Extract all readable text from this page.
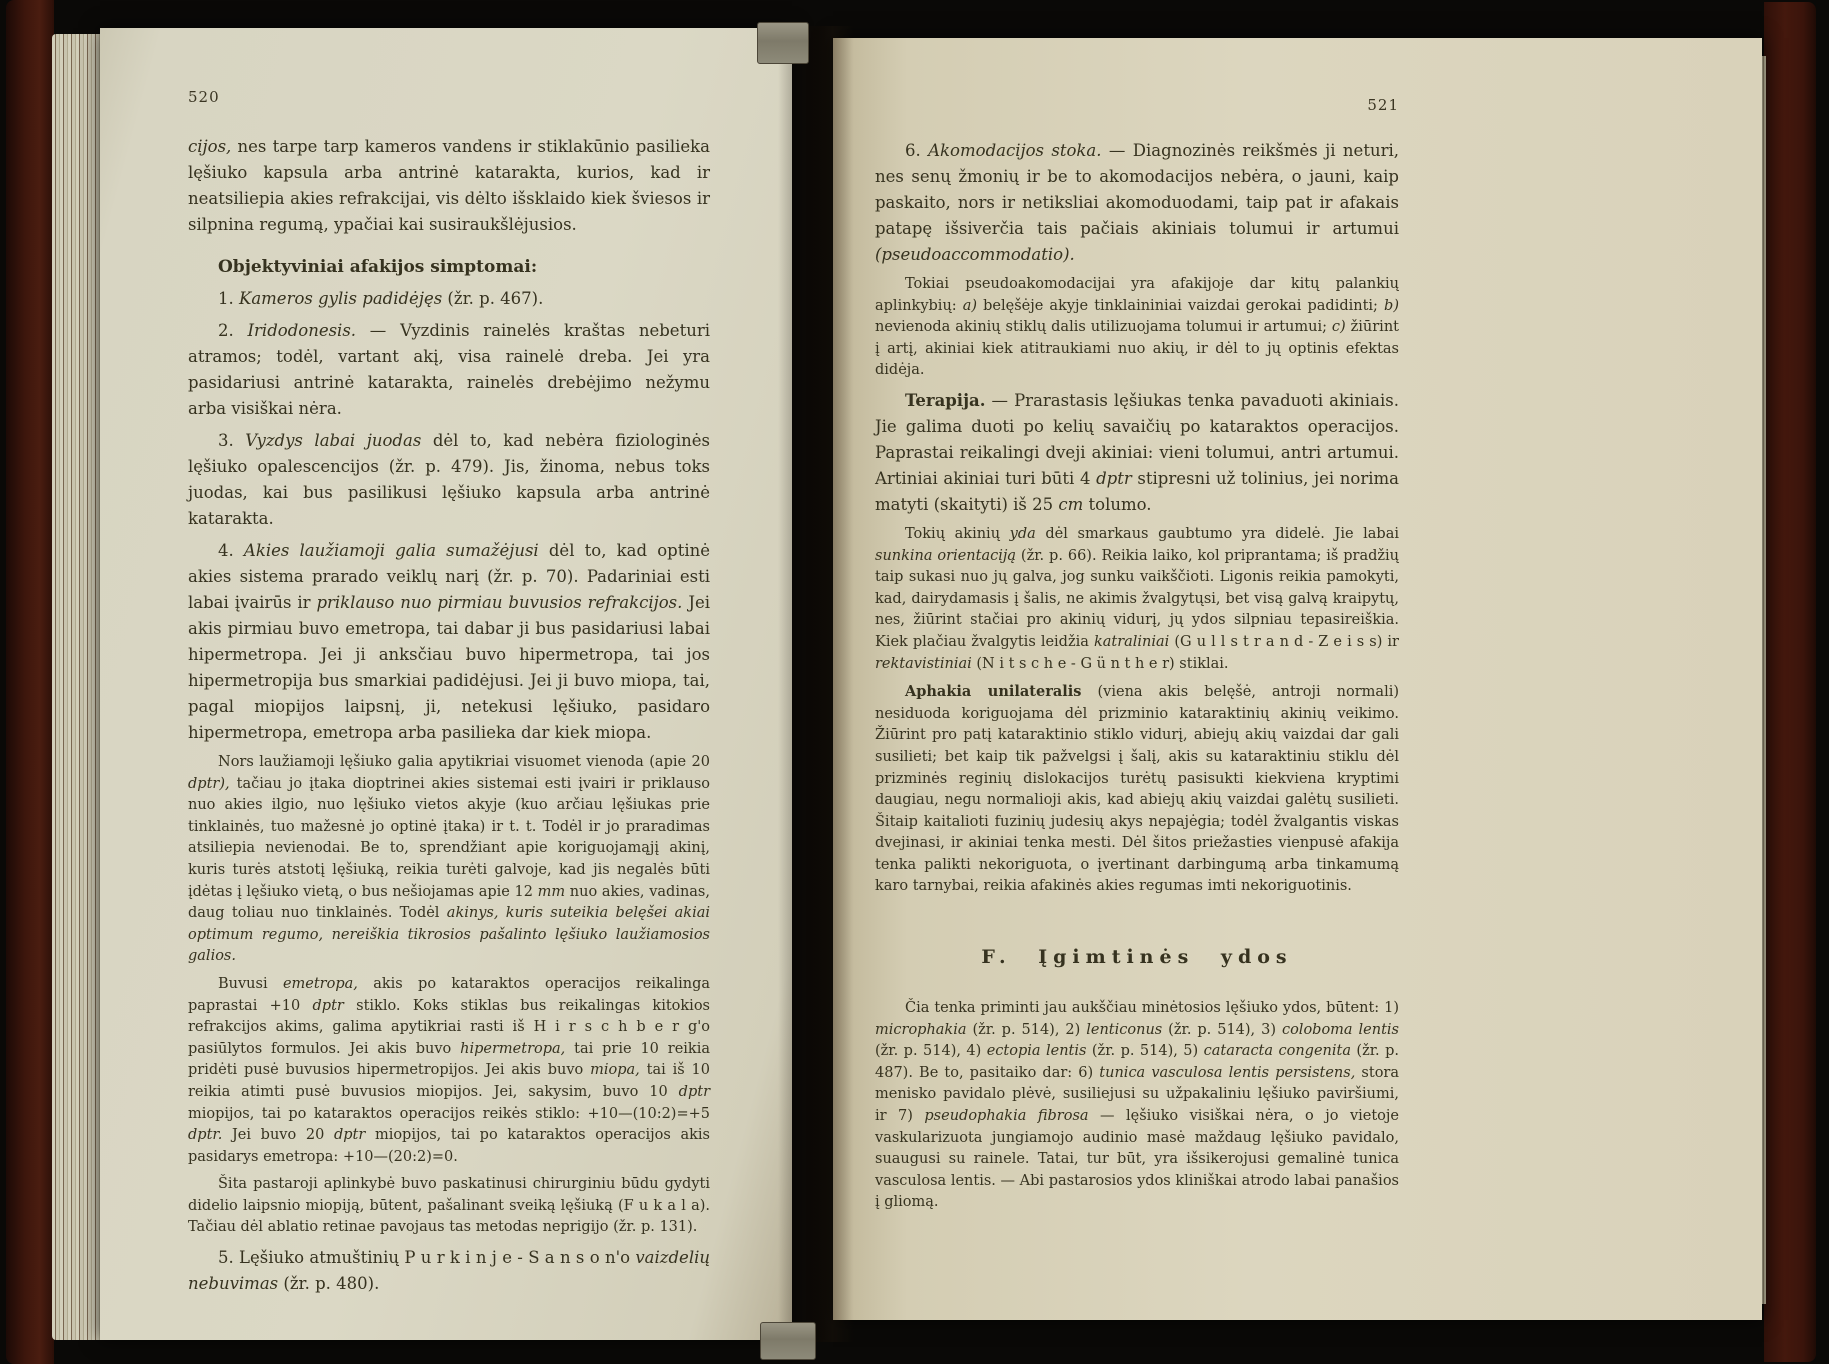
520

cijos, nes tarpe tarp kameros vandens ir stiklakūnio pasilieka lęšiuko kapsula arba antrinė katarakta, kurios, kad ir neatsiliepia akies refrakcijai, vis dėlto išsklaido kiek šviesos ir silpnina regumą, ypačiai kai susiraukšlėjusios.

Objektyviniai afakijos simptomai:

1. Kameros gylis padidėjęs (žr. p. 467).

2. Iridodonesis. — Vyzdinis rainelės kraštas nebeturi atramos; todėl, vartant akį, visa rainelė dreba. Jei yra pasidariusi antrinė katarakta, rainelės drebėjimo nežymu arba visiškai nėra.

3. Vyzdys labai juodas dėl to, kad nebėra fiziologinės lęšiuko opalescencijos (žr. p. 479). Jis, žinoma, nebus toks juodas, kai bus pasilikusi lęšiuko kapsula arba antrinė katarakta.

4. Akies laužiamoji galia sumažėjusi dėl to, kad optinė akies sistema prarado veiklų narį (žr. p. 70). Padariniai esti labai įvairūs ir priklauso nuo pirmiau buvusios refrakcijos. Jei akis pirmiau buvo emetropa, tai dabar ji bus pasidariusi labai hipermetropa. Jei ji anksčiau buvo hipermetropa, tai jos hipermetropija bus smarkiai padidėjusi. Jei ji buvo miopa, tai, pagal miopijos laipsnį, ji, netekusi lęšiuko, pasidaro hipermetropa, emetropa arba pasilieka dar kiek miopa.

Nors laužiamoji lęšiuko galia apytikriai visuomet vienoda (apie 20 dptr), tačiau jo įtaka dioptrinei akies sistemai esti įvairi ir priklauso nuo akies ilgio, nuo lęšiuko vietos akyje (kuo arčiau lęšiukas prie tinklainės, tuo mažesnė jo optinė įtaka) ir t. t. Todėl ir jo praradimas atsiliepia nevienodai. Be to, sprendžiant apie koriguojamąjį akinį, kuris turės atstotį lęšiuką, reikia turėti galvoje, kad jis negalės būti įdėtas į lęšiuko vietą, o bus nešiojamas apie 12 mm nuo akies, vadinas, daug toliau nuo tinklainės. Todėl akinys, kuris suteikia belęšei akiai optimum regumo, nereiškia tikrosios pašalinto lęšiuko laužiamosios galios.

Buvusi emetropa, akis po kataraktos operacijos reikalinga paprastai +10 dptr stiklo. Koks stiklas bus reikalingas kitokios refrakcijos akims, galima apytikriai rasti iš H i r s c h b e r g'o pasiūlytos formulos. Jei akis buvo hipermetropa, tai prie 10 reikia pridėti pusė buvusios hipermetropijos. Jei akis buvo miopa, tai iš 10 reikia atimti pusė buvusios miopijos. Jei, sakysim, buvo 10 dptr miopijos, tai po kataraktos operacijos reikės stiklo: +10—(10:2)=+5 dptr. Jei buvo 20 dptr miopijos, tai po kataraktos operacijos akis pasidarys emetropa: +10—(20:2)=0.

Šita pastaroji aplinkybė buvo paskatinusi chirurginiu būdu gydyti didelio laipsnio miopiją, būtent, pašalinant sveiką lęšiuką (F u k a l a). Tačiau dėl ablatio retinae pavojaus tas metodas neprigijo (žr. p. 131).

5. Lęšiuko atmuštinių P u r k i n j e - S a n s o n'o vaizdelių nebuvimas (žr. p. 480).

521

6. Akomodacijos stoka. — Diagnozinės reikšmės ji neturi, nes senų žmonių ir be to akomodacijos nebėra, o jauni, kaip paskaito, nors ir netiksliai akomoduodami, taip pat ir afakais patapę išsiverčia tais pačiais akiniais tolumui ir artumui (pseudoaccommodatio).

Tokiai pseudoakomodacijai yra afakijoje dar kitų palankių aplinkybių: a) belęšėje akyje tinklaininiai vaizdai gerokai padidinti; b) nevienoda akinių stiklų dalis utilizuojama tolumui ir artumui; c) žiūrint į artį, akiniai kiek atitraukiami nuo akių, ir dėl to jų optinis efektas didėja.

Terapija. — Prarastasis lęšiukas tenka pavaduoti akiniais. Jie galima duoti po kelių savaičių po kataraktos operacijos. Paprastai reikalingi dveji akiniai: vieni tolumui, antri artumui. Artiniai akiniai turi būti 4 dptr stipresni už tolinius, jei norima matyti (skaityti) iš 25 cm tolumo.

Tokių akinių yda dėl smarkaus gaubtumo yra didelė. Jie labai sunkina orientaciją (žr. p. 66). Reikia laiko, kol priprantama; iš pradžių taip sukasi nuo jų galva, jog sunku vaikščioti. Ligonis reikia pamokyti, kad, dairydamasis į šalis, ne akimis žvalgytųsi, bet visą galvą kraipytų, nes, žiūrint stačiai pro akinių vidurį, jų ydos silpniau tepasireiškia. Kiek plačiau žvalgytis leidžia katraliniai (G u l l s t r a n d - Z e i s s) ir rektavistiniai (N i t s c h e - G ü n t h e r) stiklai.

Aphakia unilateralis (viena akis belęšė, antroji normali) nesiduoda koriguojama dėl prizminio kataraktinių akinių veikimo. Žiūrint pro patį kataraktinio stiklo vidurį, abiejų akių vaizdai dar gali susilieti; bet kaip tik pažvelgsi į šalį, akis su kataraktiniu stiklu dėl prizminės reginių dislokacijos turėtų pasisukti kiekviena kryptimi daugiau, negu normalioji akis, kad abiejų akių vaizdai galėtų susilieti. Šitaip kaitalioti fuzinių judesių akys nepajėgia; todėl žvalgantis viskas dvejinasi, ir akiniai tenka mesti. Dėl šitos priežasties vienpusė afakija tenka palikti nekoriguota, o įvertinant darbingumą arba tinkamumą karo tarnybai, reikia afakinės akies regumas imti nekoriguotinis.

F. Įgimtinės ydos

Čia tenka priminti jau aukščiau minėtosios lęšiuko ydos, būtent: 1) microphakia (žr. p. 514), 2) lenticonus (žr. p. 514), 3) coloboma lentis (žr. p. 514), 4) ectopia lentis (žr. p. 514), 5) cataracta congenita (žr. p. 487). Be to, pasitaiko dar: 6) tunica vasculosa lentis persistens, stora menisko pavidalo plėvė, susiliejusi su užpakaliniu lęšiuko paviršiumi, ir 7) pseudophakia fibrosa — lęšiuko visiškai nėra, o jo vietoje vaskularizuota jungiamojo audinio masė maždaug lęšiuko pavidalo, suaugusi su rainele. Tatai, tur būt, yra išsikerojusi gemalinė tunica vasculosa lentis. — Abi pastarosios ydos kliniškai atrodo labai panašios į gliomą.
